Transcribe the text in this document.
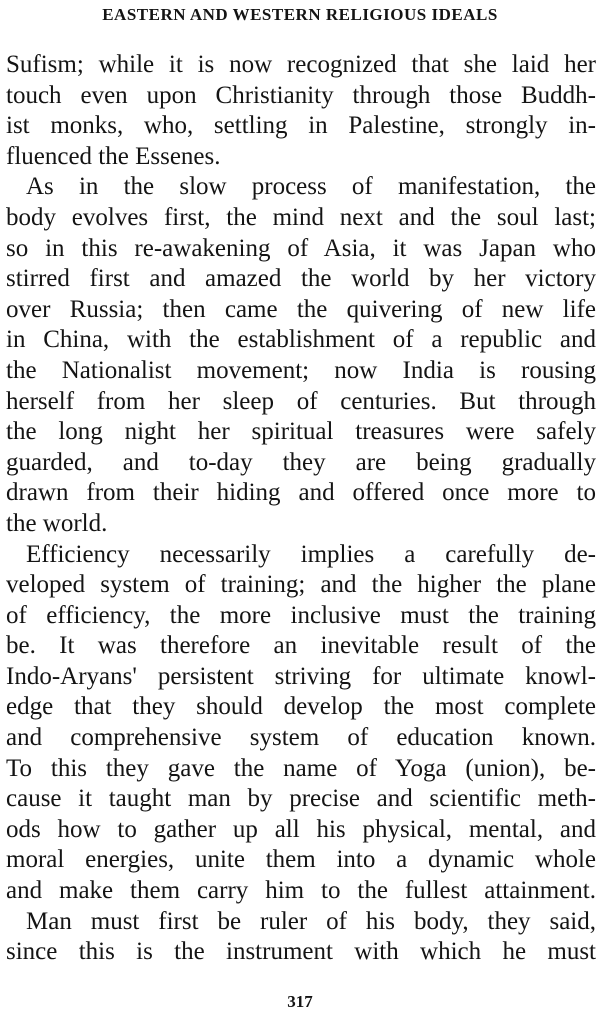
EASTERN AND WESTERN RELIGIOUS IDEALS
Sufism; while it is now recognized that she laid her
touch even upon Christianity through those Buddh-
ist monks, who, settling in Palestine, strongly in-
fluenced the Essenes.
As in the slow process of manifestation, the
body evolves first, the mind next and the soul last;
so in this re-awakening of Asia, it was Japan who
stirred first and amazed the world by her victory
over Russia; then came the quivering of new life
in China, with the establishment of a republic and
the Nationalist movement; now India is rousing
herself from her sleep of centuries. But through
the long night her spiritual treasures were safely
guarded, and to-day they are being gradually
drawn from their hiding and offered once more to
the world.
Efficiency necessarily implies a carefully de-
veloped system of training; and the higher the plane
of efficiency, the more inclusive must the training
be. It was therefore an inevitable result of the
Indo-Aryans' persistent striving for ultimate knowl-
edge that they should develop the most complete
and comprehensive system of education known.
To this they gave the name of Yoga (union), be-
cause it taught man by precise and scientific meth-
ods how to gather up all his physical, mental, and
moral energies, unite them into a dynamic whole
and make them carry him to the fullest attainment.
Man must first be ruler of his body, they said,
since this is the instrument with which he must
317
